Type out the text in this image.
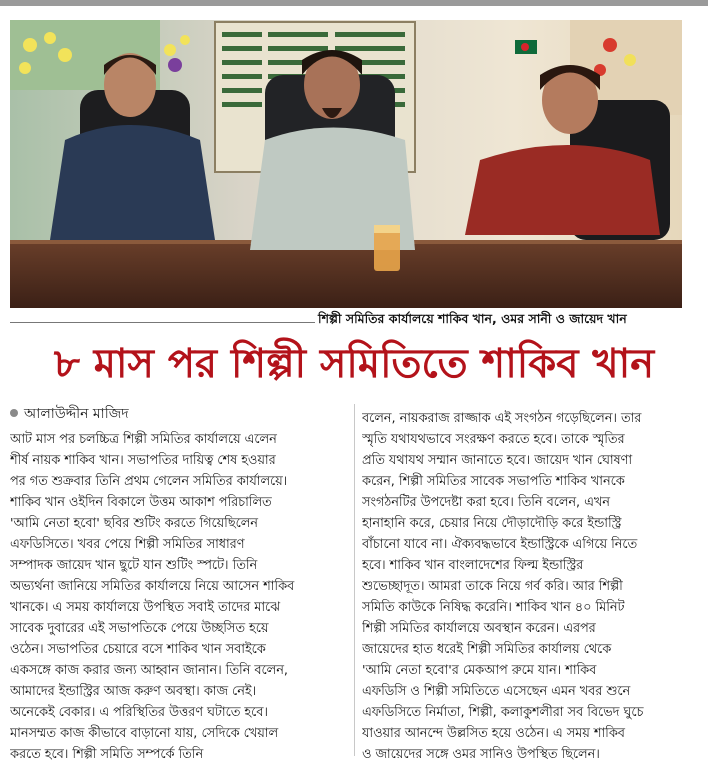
শিল্পী সমিতির কার্যালয়ে শাকিব খান, ওমর সানী ও জায়েদ খান
৮ মাস পর শিল্পী সমিতিতে শাকিব খান
আলাউদ্দীন মাজিদ
আট মাস পর চলচ্চিত্র শিল্পী সমিতির কার্যালয়ে এলেন
শীর্ষ নায়ক শাকিব খান। সভাপতির দায়িত্ব শেষ হওয়ার
পর গত শুক্রবার তিনি প্রথম গেলেন সমিতির কার্যালয়ে।
শাকিব খান ওইদিন বিকালে উত্তম আকাশ পরিচালিত
'আমি নেতা হবো' ছবির শুটিং করতে গিয়েছিলেন
এফডিসিতে। খবর পেয়ে শিল্পী সমিতির সাধারণ
সম্পাদক জায়েদ খান ছুটে যান শুটিং স্পটে। তিনি
অভ্যর্থনা জানিয়ে সমিতির কার্যালয়ে নিয়ে আসেন শাকিব
খানকে। এ সময় কার্যালয়ে উপস্থিত সবাই তাদের মাঝে
সাবেক দুবারের এই সভাপতিকে পেয়ে উচ্ছসিত হয়ে
ওঠেন। সভাপতির চেয়ারে বসে শাকিব খান সবাইকে
একসঙ্গে কাজ করার জন্য আহ্বান জানান। তিনি বলেন,
আমাদের ইন্ডাস্ট্রির আজ করুণ অবস্থা। কাজ নেই।
অনেকেই বেকার। এ পরিস্থিতির উত্তরণ ঘটাতে হবে।
মানসম্মত কাজ কীভাবে বাড়ানো যায়, সেদিকে খেয়াল
করতে হবে। শিল্পী সমিতি সম্পর্কে তিনি
বলেন, নায়করাজ রাজ্জাক এই সংগঠন গড়েছিলেন। তার
স্মৃতি যথাযথভাবে সংরক্ষণ করতে হবে। তাকে স্মৃতির
প্রতি যথাযথ সম্মান জানাতে হবে। জায়েদ খান ঘোষণা
করেন, শিল্পী সমিতির সাবেক সভাপতি শাকিব খানকে
সংগঠনটির উপদেষ্টা করা হবে। তিনি বলেন, এখন
হানাহানি করে, চেয়ার নিয়ে দৌড়াদৌড়ি করে ইন্ডাস্ট্রি
বাঁচানো যাবে না। ঐক্যবদ্ধভাবে ইন্ডাস্ট্রিকে এগিয়ে নিতে
হবে। শাকিব খান বাংলাদেশের ফিল্ম ইন্ডাস্ট্রির
শুভেচ্ছাদূত। আমরা তাকে নিয়ে গর্ব করি। আর শিল্পী
সমিতি কাউকে নিষিদ্ধ করেনি। শাকিব খান ৪০ মিনিট
শিল্পী সমিতির কার্যালয়ে অবস্থান করেন। এরপর
জায়েদের হাত ধরেই শিল্পী সমিতির কার্যালয় থেকে
'আমি নেতা হবো'র মেকআপ রুমে যান। শাকিব
এফডিসি ও শিল্পী সমিতিতে এসেছেন এমন খবর শুনে
এফডিসিতে নির্মাতা, শিল্পী, কলাকুশলীরা সব বিভেদ ঘুচে
যাওয়ার আনন্দে উল্লসিত হয়ে ওঠেন। এ সময় শাকিব
ও জায়েদের সঙ্গে ওমর সানিও উপস্থিত ছিলেন।
